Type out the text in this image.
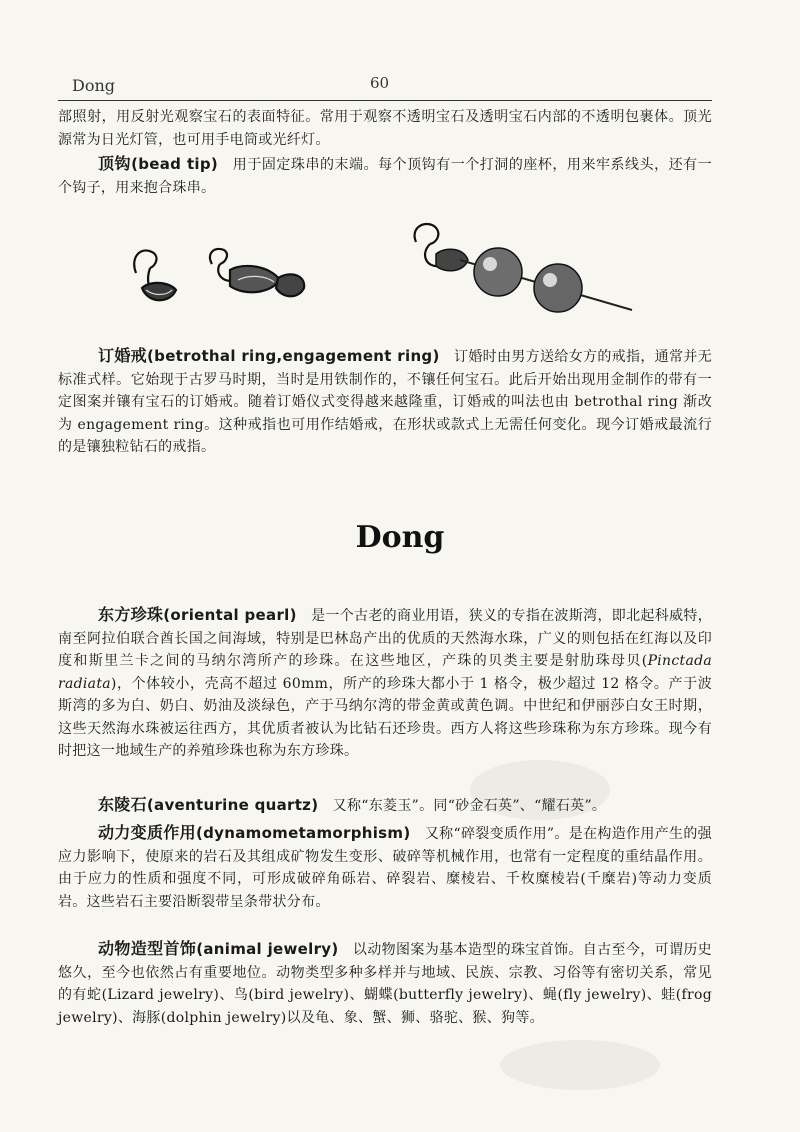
Dong	60

部照射，用反射光观察宝石的表面特征。常用于观察不透明宝石及透明宝石内部的不透明包裹体。顶光源常为日光灯管，也可用手电筒或光纤灯。

顶钩(bead tip)　用于固定珠串的末端。每个顶钩有一个打洞的座杯，用来牢系线头，还有一个钩子，用来抱合珠串。

订婚戒(betrothal ring,engagement ring)　订婚时由男方送给女方的戒指，通常并无标准式样。它始现于古罗马时期，当时是用铁制作的，不镶任何宝石。此后开始出现用金制作的带有一定图案并镶有宝石的订婚戒。随着订婚仪式变得越来越隆重，订婚戒的叫法也由 betrothal ring 渐改为 engagement ring。这种戒指也可用作结婚戒，在形状或款式上无需任何变化。现今订婚戒最流行的是镶独粒钻石的戒指。

Dong

东方珍珠(oriental pearl)　是一个古老的商业用语，狭义的专指在波斯湾，即北起科威特，南至阿拉伯联合酋长国之间海域，特别是巴林岛产出的优质的天然海水珠，广义的则包括在红海以及印度和斯里兰卡之间的马纳尔湾所产的珍珠。在这些地区，产珠的贝类主要是射肋珠母贝(Pinctada radiata)，个体较小，壳高不超过 60mm，所产的珍珠大都小于 1 格令，极少超过 12 格令。产于波斯湾的多为白、奶白、奶油及淡绿色，产于马纳尔湾的带金黄或黄色调。中世纪和伊丽莎白女王时期，这些天然海水珠被运往西方，其优质者被认为比钻石还珍贵。西方人将这些珍珠称为东方珍珠。现今有时把这一地域生产的养殖珍珠也称为东方珍珠。

东陵石(aventurine quartz)　又称“东菱玉”。同“砂金石英”、“耀石英”。

动力变质作用(dynamometamorphism)　又称“碎裂变质作用”。是在构造作用产生的强应力影响下，使原来的岩石及其组成矿物发生变形、破碎等机械作用，也常有一定程度的重结晶作用。由于应力的性质和强度不同，可形成破碎角砾岩、碎裂岩、糜棱岩、千枚糜棱岩(千糜岩)等动力变质岩。这些岩石主要沿断裂带呈条带状分布。

动物造型首饰(animal jewelry)　以动物图案为基本造型的珠宝首饰。自古至今，可谓历史悠久，至今也依然占有重要地位。动物类型多种多样并与地域、民族、宗教、习俗等有密切关系，常见的有蛇(Lizard jewelry)、鸟(bird jewelry)、蝴蝶(butterfly jewelry)、蝇(fly jewelry)、蛙(frog jewelry)、海豚(dolphin jewelry)以及龟、象、蟹、狮、骆驼、猴、狗等。
